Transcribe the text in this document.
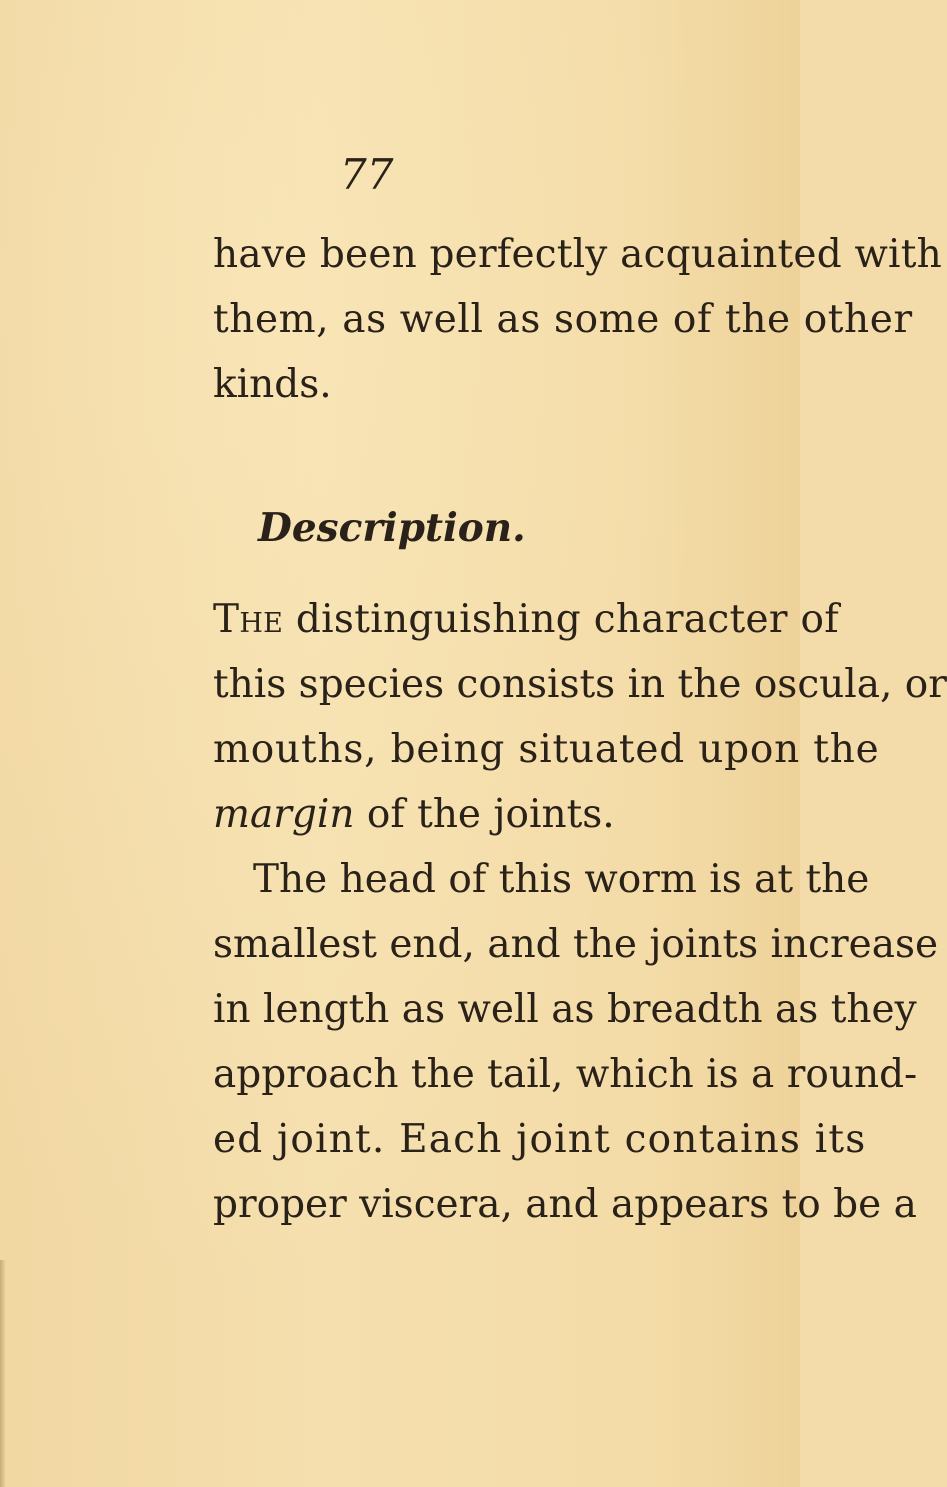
77
have been perfectly acquainted with
them, as well as some of the other
kinds.
Description.
The distinguishing character of
this species consists in the oscula, or
mouths, being situated upon the
margin of the joints.
The head of this worm is at the
smallest end, and the joints increase
in length as well as breadth as they
approach the tail, which is a round-
ed joint. Each joint contains its
proper viscera, and appears to be a
